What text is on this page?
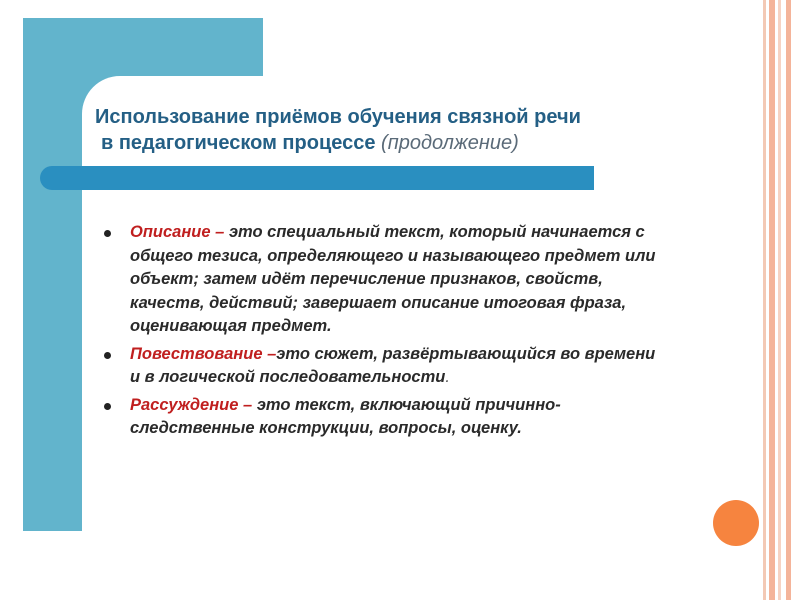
Использование приёмов обучения связной речи
в педагогическом процессе (продолжение)
Описание – это специальный текст, который начинается с общего тезиса, определяющего и называющего предмет или объект; затем идёт перечисление признаков, свойств, качеств, действий; завершает описание итоговая фраза, оценивающая предмет.
Повествование –это сюжет, развёртывающийся во времени и в логической последовательности.
Рассуждение – это текст, включающий причинно-следственные конструкции, вопросы, оценку.
